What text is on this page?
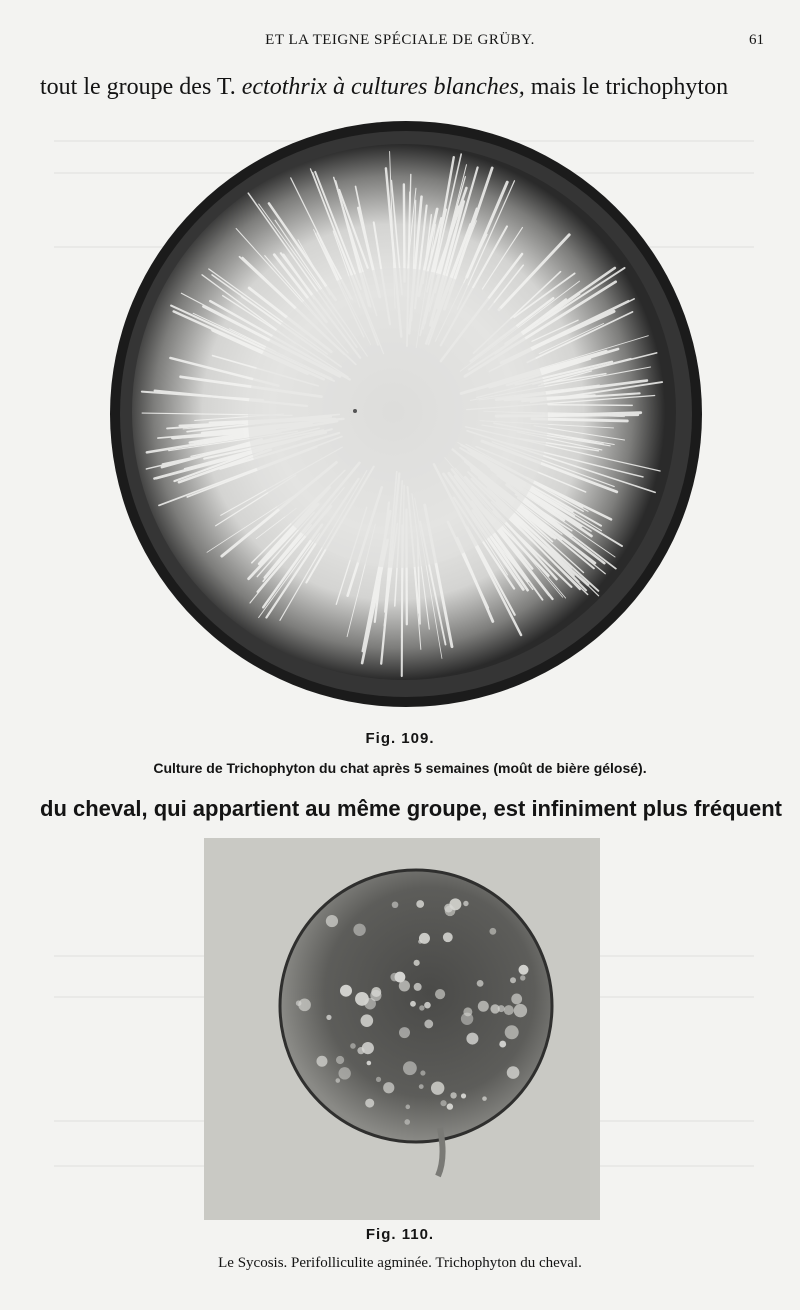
ET LA TEIGNE SPÉCIALE DE GRÜBY.	61
tout le groupe des T. ectothrix à cultures blanches, mais le trichophyton
Fig. 109.
Culture de Trichophyton du chat après 5 semaines (moût de bière gélosé).
du cheval, qui appartient au même groupe, est infiniment plus fréquent
Fig. 110.
Le Sycosis. Perifolliculite agminée. Trichophyton du cheval.
